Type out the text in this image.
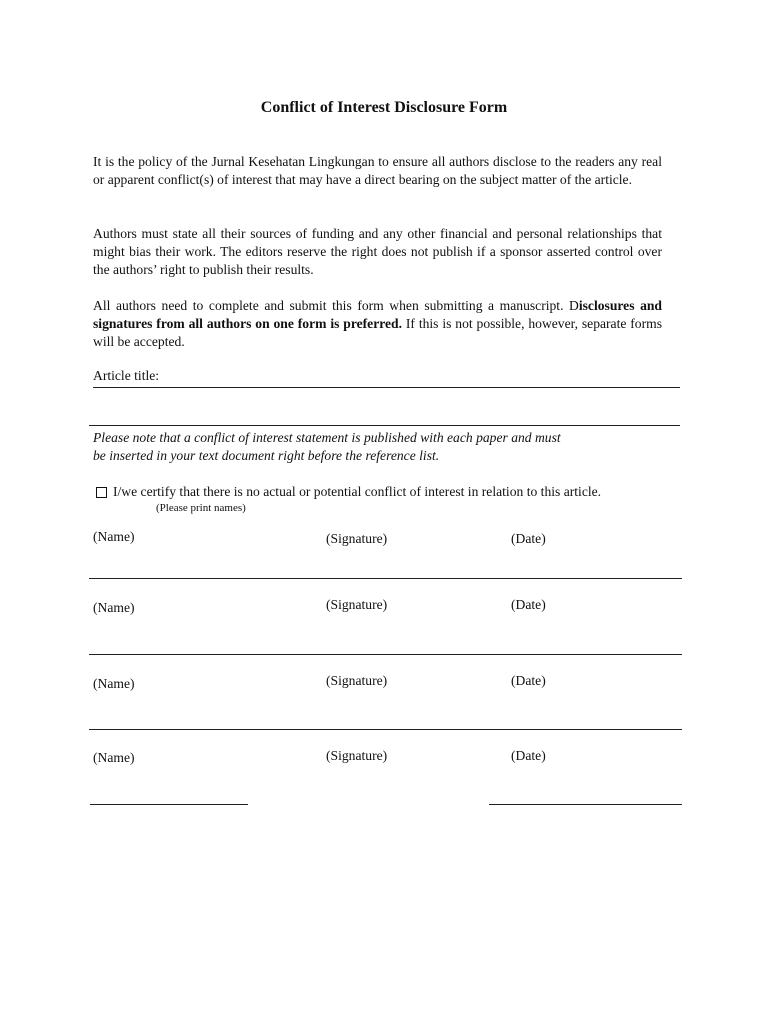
Conflict of Interest Disclosure Form

It is the policy of the Jurnal Kesehatan Lingkungan to ensure all authors disclose to the readers any real or apparent conflict(s) of interest that may have a direct bearing on the subject matter of the article.

Authors must state all their sources of funding and any other financial and personal relationships that might bias their work. The editors reserve the right does not publish if a sponsor asserted control over the authors’ right to publish their results.

All authors need to complete and submit this form when submitting a manuscript. Disclosures and signatures from all authors on one form is preferred. If this is not possible, however, separate forms will be accepted.

Article title:
Please note that a conflict of interest statement is published with each paper and must
be inserted in your text document right before the reference list.
I/we certify that there is no actual or potential conflict of interest in relation to this article.
(Please print names)
(Name)	(Signature)	(Date)
(Name)	(Signature)	(Date)
(Name)	(Signature)	(Date)
(Name)	(Signature)	(Date)
